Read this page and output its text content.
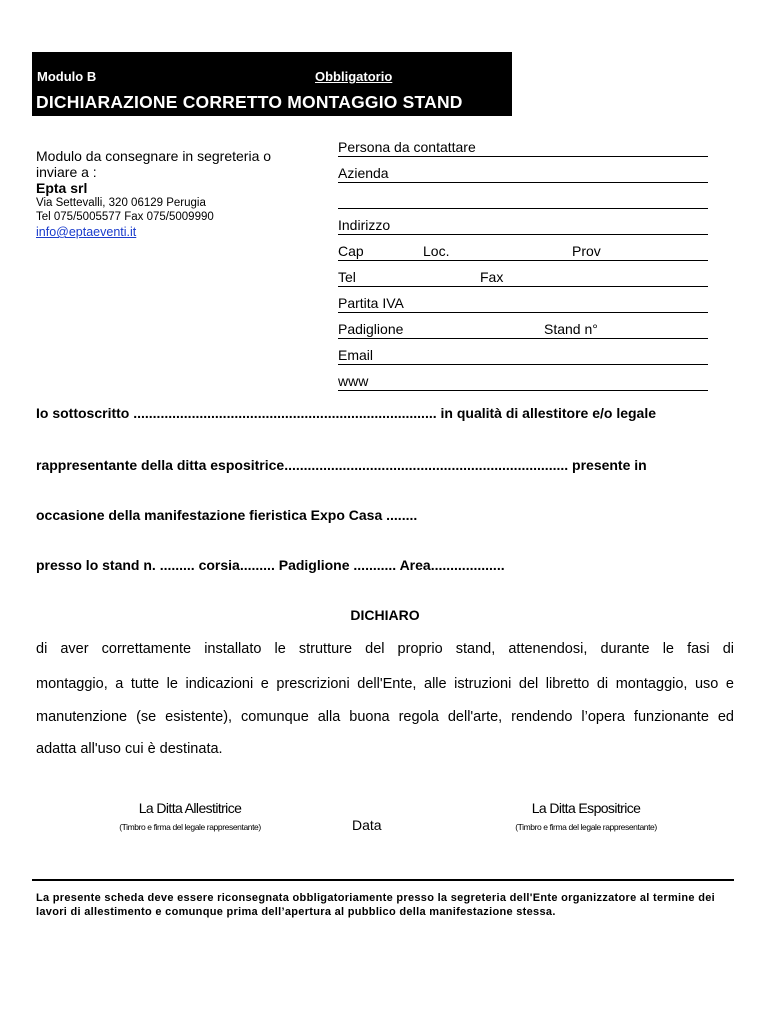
Modulo B	Obbligatorio
DICHIARAZIONE CORRETTO MONTAGGIO STAND
Modulo da consegnare in segreteria o
inviare a :
Epta srl
Via Settevalli, 320 06129 Perugia
Tel 075/5005577 Fax 075/5009990
info@eptaeventi.it
Persona da contattare
Azienda
Indirizzo
Cap	Loc.	Prov
Tel	Fax
Partita IVA
Padiglione	Stand n°
Email
www
Io sottoscritto .............................................................................. in qualità di allestitore e/o legale
rappresentante della ditta espositrice......................................................................... presente in
occasione della manifestazione fieristica Expo Casa ........
presso lo stand n. ......... corsia......... Padiglione ........... Area...................
DICHIARO
di aver correttamente installato le strutture del proprio stand, attenendosi, durante le fasi di
montaggio, a tutte le indicazioni e prescrizioni dell'Ente, alle istruzioni del libretto di montaggio, uso e
manutenzione (se esistente), comunque alla buona regola dell'arte, rendendo l’opera funzionante ed
adatta all'uso cui è destinata.
La Ditta Allestitrice
(Timbro e firma del legale rappresentante)	Data
La Ditta Espositrice
(Timbro e firma del legale rappresentante)
La presente scheda deve essere riconsegnata obbligatoriamente presso la segreteria dell'Ente organizzatore al termine dei lavori di allestimento e comunque prima dell’apertura al pubblico della manifestazione stessa.
